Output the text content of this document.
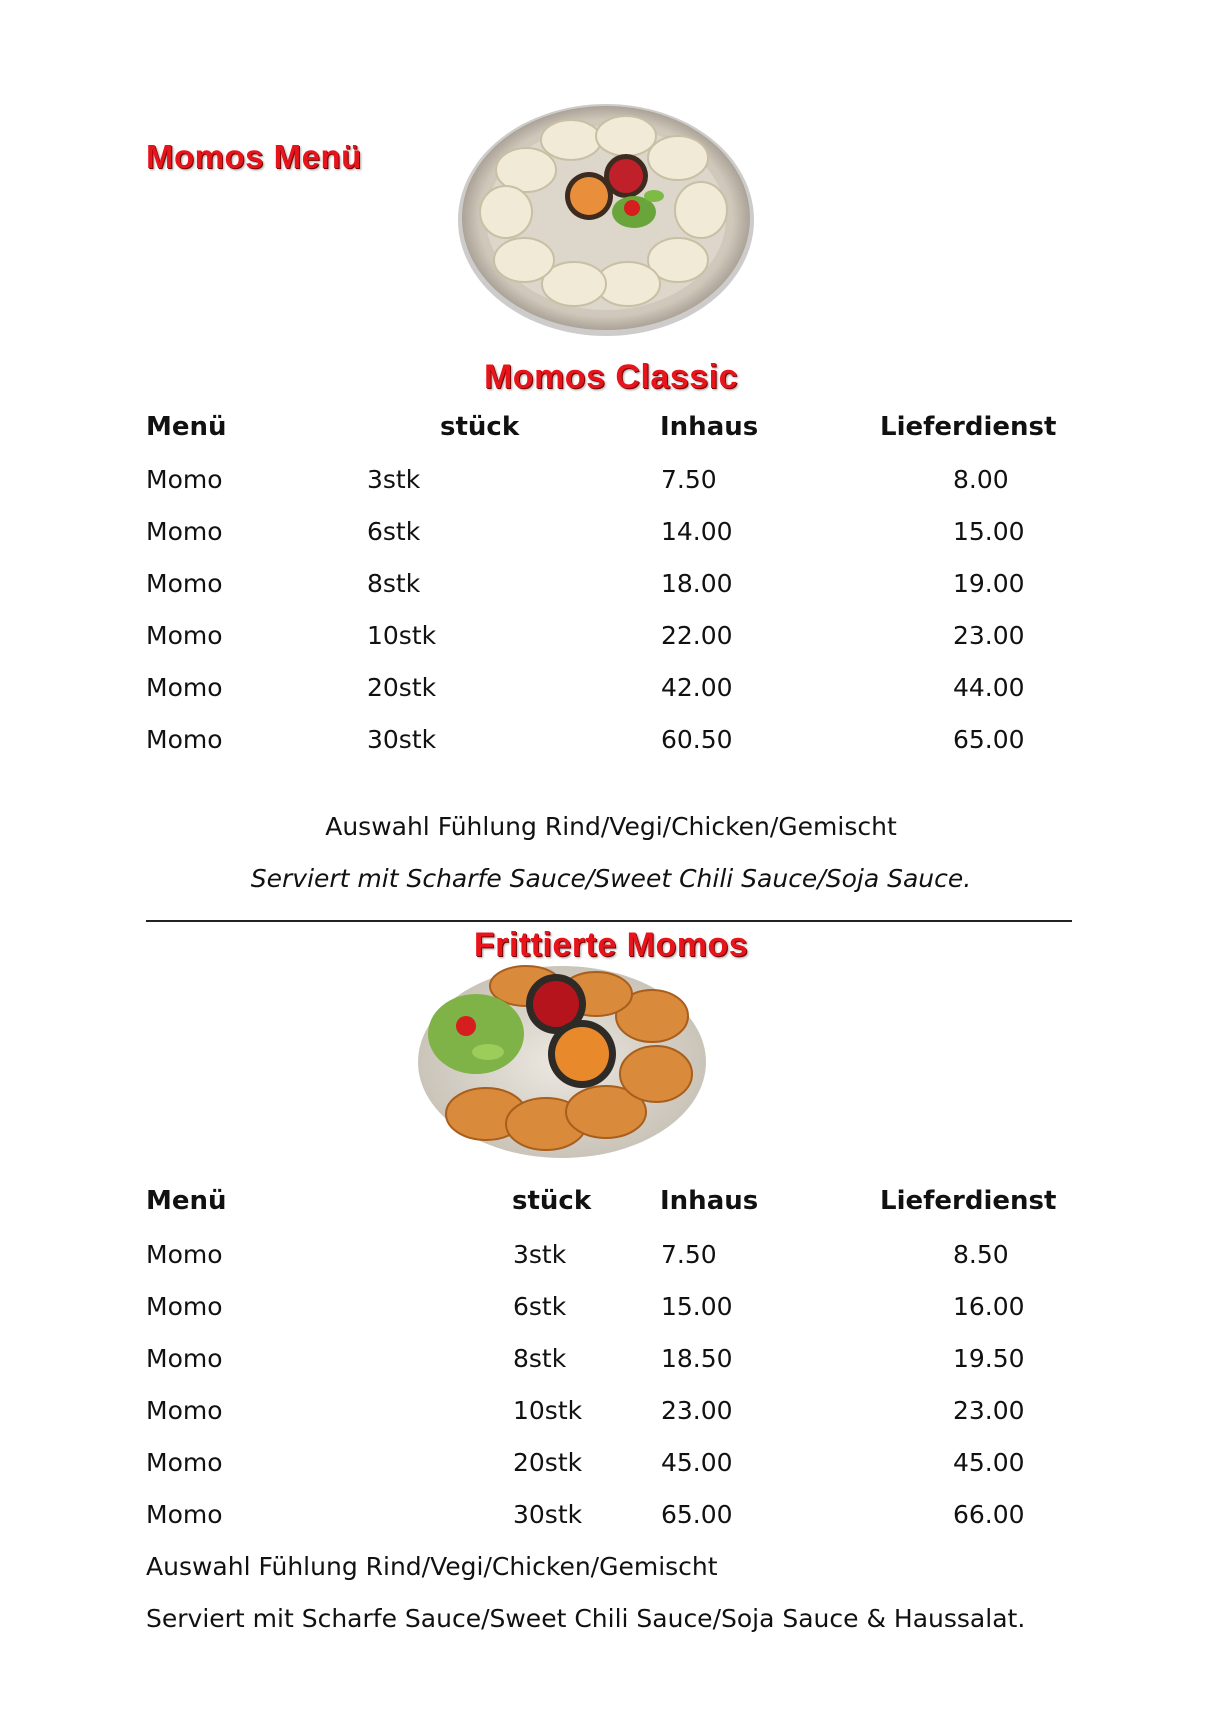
Momos Menü
Momos Classic
Menü	stück	Inhaus	Lieferdienst
Momo	3stk	7.50	8.00
Momo	6stk	14.00	15.00
Momo	8stk	18.00	19.00
Momo	10stk	22.00	23.00
Momo	20stk	42.00	44.00
Momo	30stk	60.50	65.00
Auswahl Fühlung Rind/Vegi/Chicken/Gemischt
Serviert mit Scharfe Sauce/Sweet Chili Sauce/Soja Sauce.
Frittierte Momos
Menü	stück	Inhaus	Lieferdienst
Momo	3stk	7.50	8.50
Momo	6stk	15.00	16.00
Momo	8stk	18.50	19.50
Momo	10stk	23.00	23.00
Momo	20stk	45.00	45.00
Momo	30stk	65.00	66.00
Auswahl Fühlung Rind/Vegi/Chicken/Gemischt
Serviert mit Scharfe Sauce/Sweet Chili Sauce/Soja Sauce & Haussalat.
